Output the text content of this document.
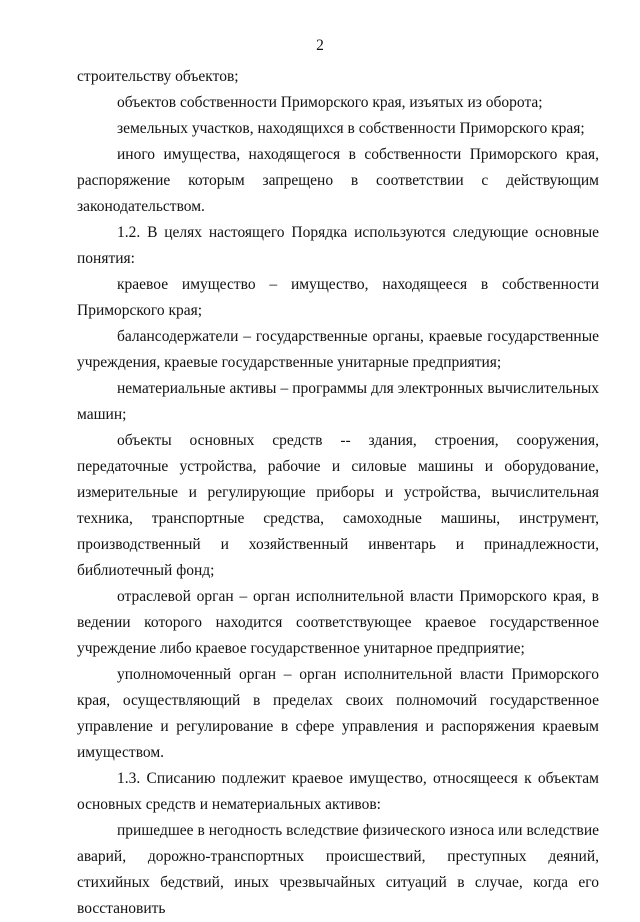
2

строительству объектов;

объектов собственности Приморского края, изъятых из оборота;

земельных участков, находящихся в собственности Приморского края;

иного имущества, находящегося в собственности Приморского края, распоряжение которым запрещено в соответствии с действующим законодательством.

1.2. В целях настоящего Порядка используются следующие основные понятия:

краевое имущество – имущество, находящееся в собственности Приморского края;

балансодержатели – государственные органы, краевые государственные учреждения, краевые государственные унитарные предприятия;

нематериальные активы – программы для электронных вычислительных машин;

объекты основных средств -- здания, строения, сооружения, передаточные устройства, рабочие и силовые машины и оборудование, измерительные и регулирующие приборы и устройства, вычислительная техника, транспортные средства, самоходные машины, инструмент, производственный и хозяйственный инвентарь и принадлежности, библиотечный фонд;

отраслевой орган – орган исполнительной власти Приморского края, в ведении которого находится соответствующее краевое государственное учреждение либо краевое государственное унитарное предприятие;

уполномоченный орган – орган исполнительной власти Приморского края, осуществляющий в пределах своих полномочий государственное управление и регулирование в сфере управления и распоряжения краевым имуществом.

1.3. Списанию подлежит краевое имущество, относящееся к объектам основных средств и нематериальных активов:

пришедшее в негодность вследствие физического износа или вследствие аварий, дорожно-транспортных происшествий, преступных деяний, стихийных бедствий, иных чрезвычайных ситуаций в случае, когда его восстановить
